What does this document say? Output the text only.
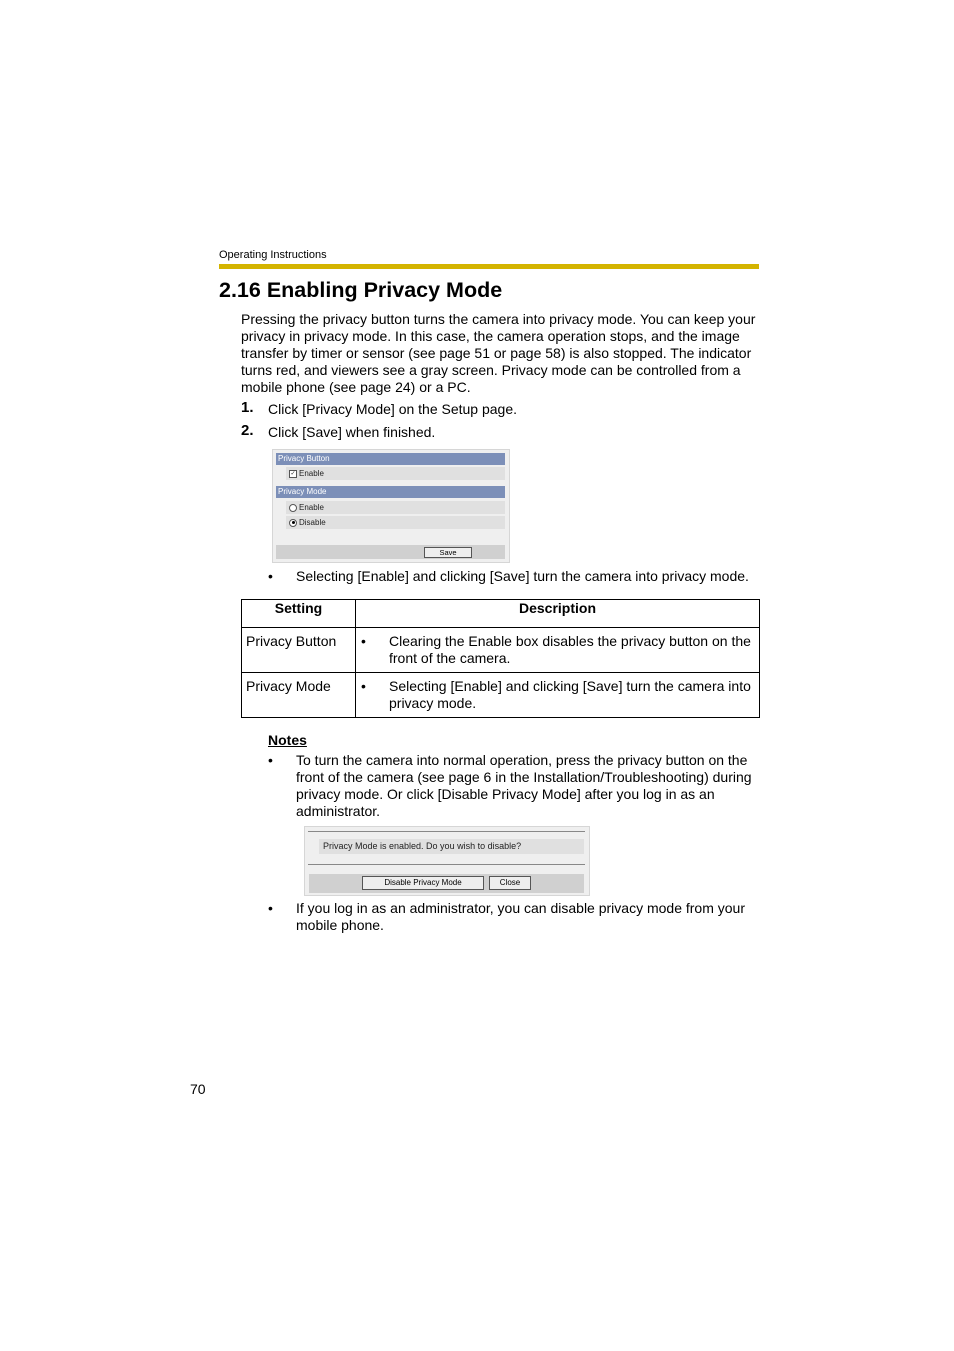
Operating Instructions
2.16 Enabling Privacy Mode

Pressing the privacy button turns the camera into privacy mode. You can keep your privacy in privacy mode. In this case, the camera operation stops, and the image transfer by timer or sensor (see page 51 or page 58) is also stopped. The indicator turns red, and viewers see a gray screen. Privacy mode can be controlled from a mobile phone (see page 24) or a PC.

1. Click [Privacy Mode] on the Setup page.
2. Click [Save] when finished.
Privacy Button
✓ Enable
Privacy Mode
Enable
Disable
Save
• Selecting [Enable] and clicking [Save] turn the camera into privacy mode.
Setting	Description
Privacy Button	• Clearing the Enable box disables the privacy button on the front of the camera.

Privacy Mode	• Selecting [Enable] and clicking [Save] turn the camera into privacy mode.
Notes
• To turn the camera into normal operation, press the privacy button on the front of the camera (see page 6 in the Installation/Troubleshooting) during privacy mode. Or click [Disable Privacy Mode] after you log in as an administrator.
Privacy Mode is enabled. Do you wish to disable?
Disable Privacy Mode	Close
• If you log in as an administrator, you can disable privacy mode from your mobile phone.
70
